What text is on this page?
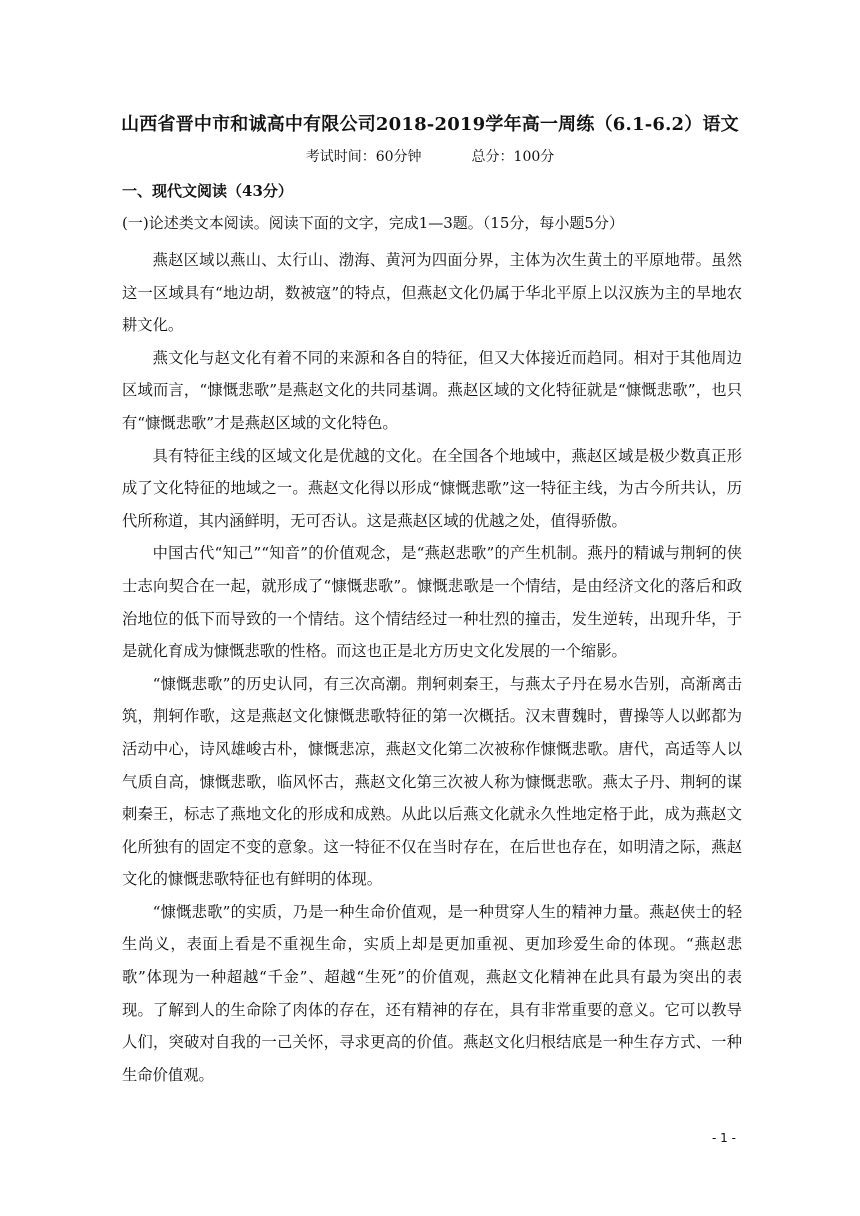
山西省晋中市和诚高中有限公司2018-2019学年高一周练（6.1-6.2）语文
考试时间：60分钟	总分：100分
一、现代文阅读（43分）
(一)论述类文本阅读。阅读下面的文字，完成1—3题。（15分，每小题5分）

燕赵区域以燕山、太行山、渤海、黄河为四面分界，主体为次生黄土的平原地带。虽然这一区域具有“地边胡，数被寇”的特点，但燕赵文化仍属于华北平原上以汉族为主的旱地农耕文化。

燕文化与赵文化有着不同的来源和各自的特征，但又大体接近而趋同。相对于其他周边区域而言，“慷慨悲歌”是燕赵文化的共同基调。燕赵区域的文化特征就是“慷慨悲歌”，也只有“慷慨悲歌”才是燕赵区域的文化特色。

具有特征主线的区域文化是优越的文化。在全国各个地域中，燕赵区域是极少数真正形成了文化特征的地域之一。燕赵文化得以形成“慷慨悲歌”这一特征主线，为古今所共认，历代所称道，其内涵鲜明，无可否认。这是燕赵区域的优越之处，值得骄傲。

中国古代“知己”“知音”的价值观念，是“燕赵悲歌”的产生机制。燕丹的精诚与荆轲的侠士志向契合在一起，就形成了“慷慨悲歌”。慷慨悲歌是一个情结，是由经济文化的落后和政治地位的低下而导致的一个情结。这个情结经过一种壮烈的撞击，发生逆转，出现升华，于是就化育成为慷慨悲歌的性格。而这也正是北方历史文化发展的一个缩影。

“慷慨悲歌”的历史认同，有三次高潮。荆轲刺秦王，与燕太子丹在易水告别，高渐离击筑，荆轲作歌，这是燕赵文化慷慨悲歌特征的第一次概括。汉末曹魏时，曹操等人以邺都为活动中心，诗风雄峻古朴，慷慨悲凉，燕赵文化第二次被称作慷慨悲歌。唐代，高适等人以气质自高，慷慨悲歌，临风怀古，燕赵文化第三次被人称为慷慨悲歌。燕太子丹、荆轲的谋刺秦王，标志了燕地文化的形成和成熟。从此以后燕文化就永久性地定格于此，成为燕赵文化所独有的固定不变的意象。这一特征不仅在当时存在，在后世也存在，如明清之际，燕赵文化的慷慨悲歌特征也有鲜明的体现。

“慷慨悲歌”的实质，乃是一种生命价值观，是一种贯穿人生的精神力量。燕赵侠士的轻生尚义，表面上看是不重视生命，实质上却是更加重视、更加珍爱生命的体现。“燕赵悲歌”体现为一种超越“千金”、超越“生死”的价值观，燕赵文化精神在此具有最为突出的表现。了解到人的生命除了肉体的存在，还有精神的存在，具有非常重要的意义。它可以教导人们，突破对自我的一己关怀，寻求更高的价值。燕赵文化归根结底是一种生存方式、一种生命价值观。

- 1 -
